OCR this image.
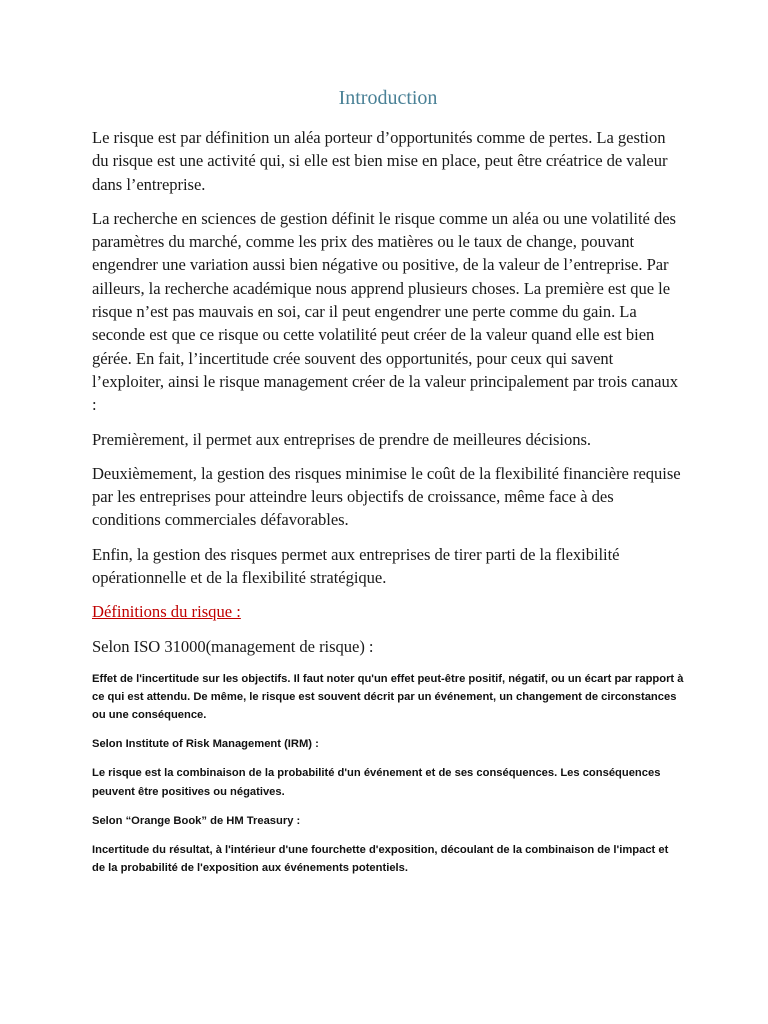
Introduction

Le risque est par définition un aléa porteur d’opportunités comme de pertes. La gestion du risque est une activité qui, si elle est bien mise en place, peut être créatrice de valeur dans l’entreprise.

La recherche en sciences de gestion définit le risque comme un aléa ou une volatilité des paramètres du marché, comme les prix des matières ou le taux de change, pouvant engendrer une variation aussi bien négative ou positive, de la valeur de l’entreprise. Par ailleurs, la recherche académique nous apprend plusieurs choses. La première est que le risque n’est pas mauvais en soi, car il peut engendrer une perte comme du gain. La seconde est que ce risque ou cette volatilité peut créer de la valeur quand elle est bien gérée. En fait, l’incertitude crée souvent des opportunités, pour ceux qui savent l’exploiter, ainsi le risque management créer de la valeur principalement par trois canaux :

Premièrement, il permet aux entreprises de prendre de meilleures décisions.

Deuxièmement, la gestion des risques minimise le coût de la flexibilité financière requise par les entreprises pour atteindre leurs objectifs de croissance, même face à des conditions commerciales défavorables.

Enfin, la gestion des risques permet aux entreprises de tirer parti de la flexibilité opérationnelle et de la flexibilité stratégique.

Définitions du risque :

Selon ISO 31000(management de risque) :

Effet de l'incertitude sur les objectifs. Il faut noter qu'un effet peut-être positif, négatif, ou un écart par rapport à ce qui est attendu. De même, le risque est souvent décrit par un événement, un changement de circonstances ou une conséquence.

Selon Institute of Risk Management (IRM) :

Le risque est la combinaison de la probabilité d'un événement et de ses conséquences. Les conséquences peuvent être positives ou négatives.

Selon “Orange Book” de HM Treasury :

Incertitude du résultat, à l'intérieur d'une fourchette d'exposition, découlant de la combinaison de l'impact et de la probabilité de l'exposition aux événements potentiels.
